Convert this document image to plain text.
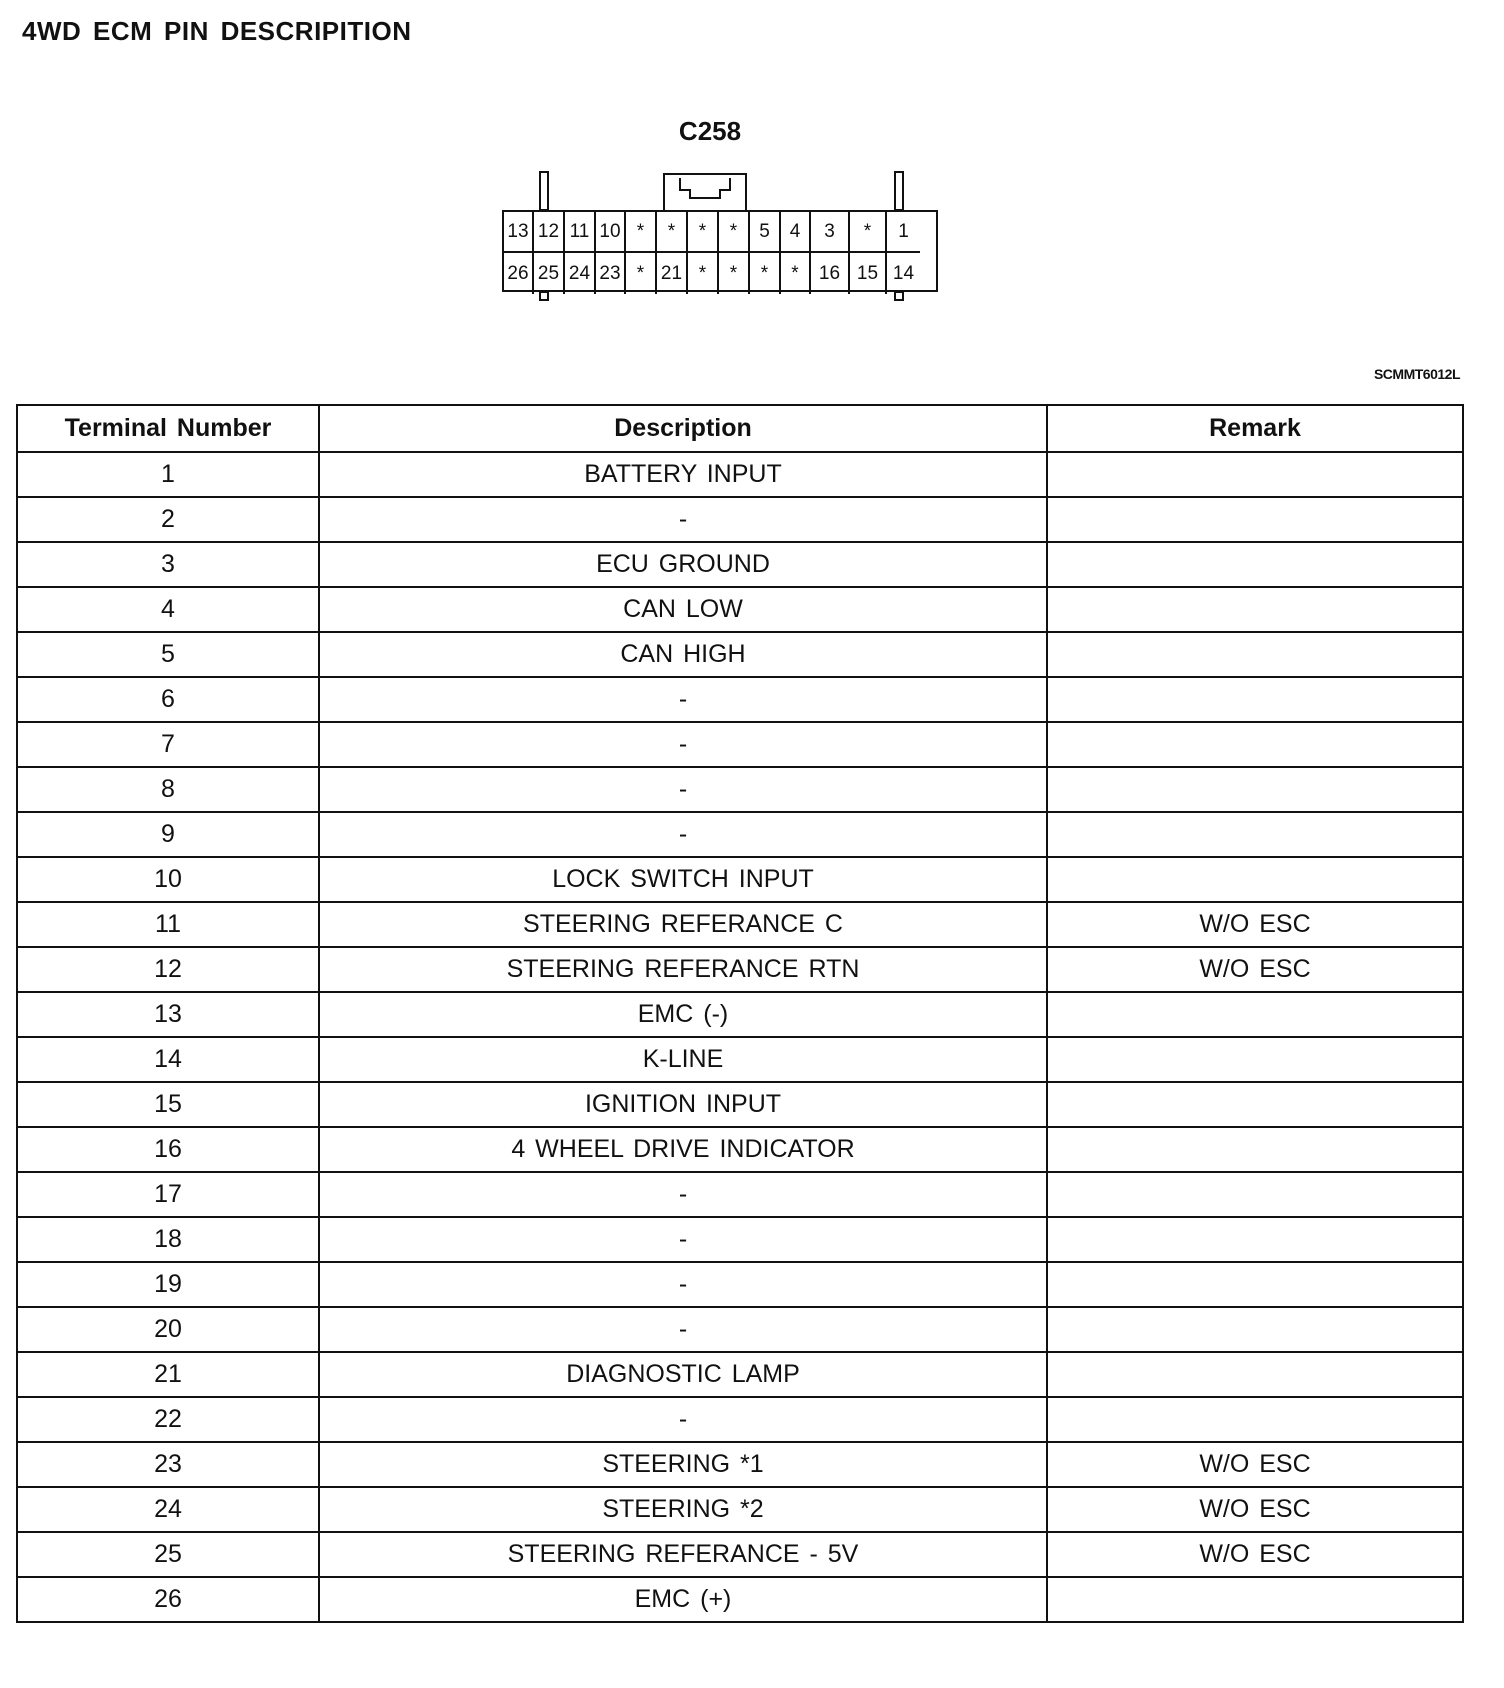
4WD ECM PIN DESCRIPITION
C258
13 12 11 10 *	*	*	*	5	4	3	*	1
26 25 24 23 * 21 *	*	*	*	16 15 14
SCMMT6012L
Terminal Number	Description	Remark
1	BATTERY INPUT	
2	-	
3	ECU GROUND	
4	CAN LOW	
5	CAN HIGH	
6	-	
7	-	
8	-	
9	-	
10	LOCK SWITCH INPUT	
11	STEERING REFERANCE C	W/O ESC
12	STEERING REFERANCE RTN	W/O ESC
13	EMC (-)	
14	K-LINE	
15	IGNITION INPUT	
16	4 WHEEL DRIVE INDICATOR	
17	-	
18	-	
19	-	
20	-	
21	DIAGNOSTIC LAMP	
22	-	
23	STEERING *1	W/O ESC
24	STEERING *2	W/O ESC
25	STEERING REFERANCE - 5V	W/O ESC
26	EMC (+)	
